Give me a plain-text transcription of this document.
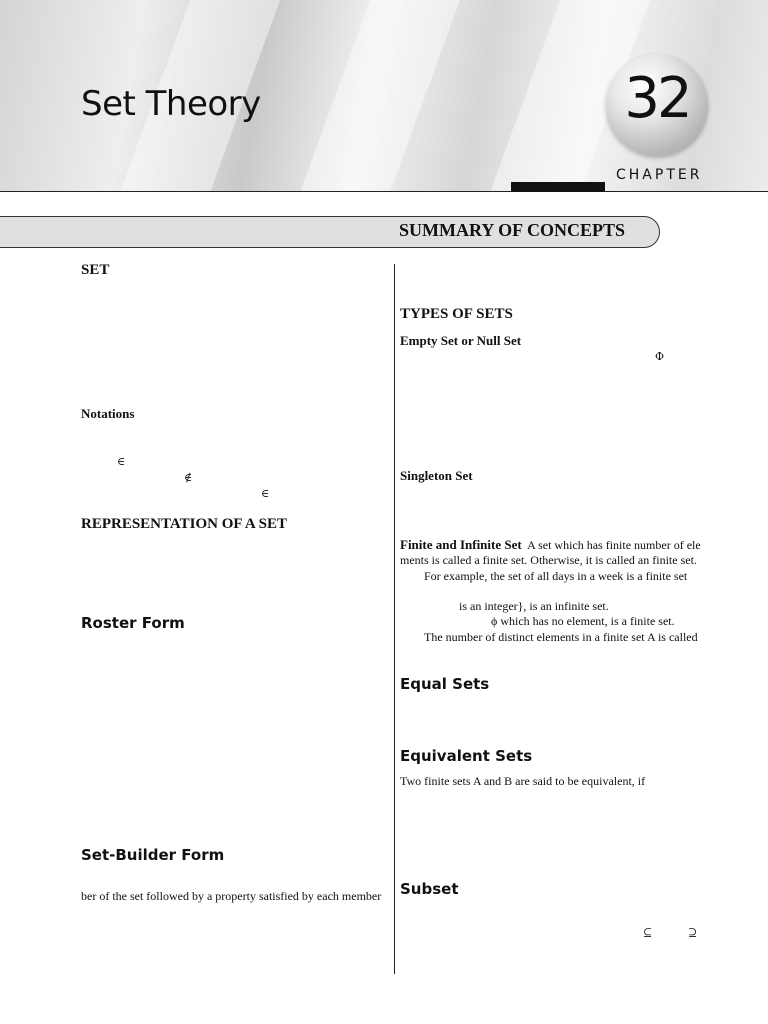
Set Theory	32
CHAPTER
SUMMARY OF CONCEPTS
SET
Notations
∈
∉
∈
REPRESENTATION OF A SET
Roster Form
Set-Builder Form
ber of the set followed by a property satisfied by each member
TYPES OF SETS
Empty Set or Null Set
Φ
Singleton Set
Finite and Infinite Set A set which has finite number of ele
ments is called a finite set. Otherwise, it is called an finite set.
For example, the set of all days in a week is a finite set
is an integer}, is an infinite set.
ϕ which has no element, is a finite set.
The number of distinct elements in a finite set A is called
Equal Sets
Equivalent Sets
Two finite sets A and B are said to be equivalent, if
Subset
⊆	⊇
